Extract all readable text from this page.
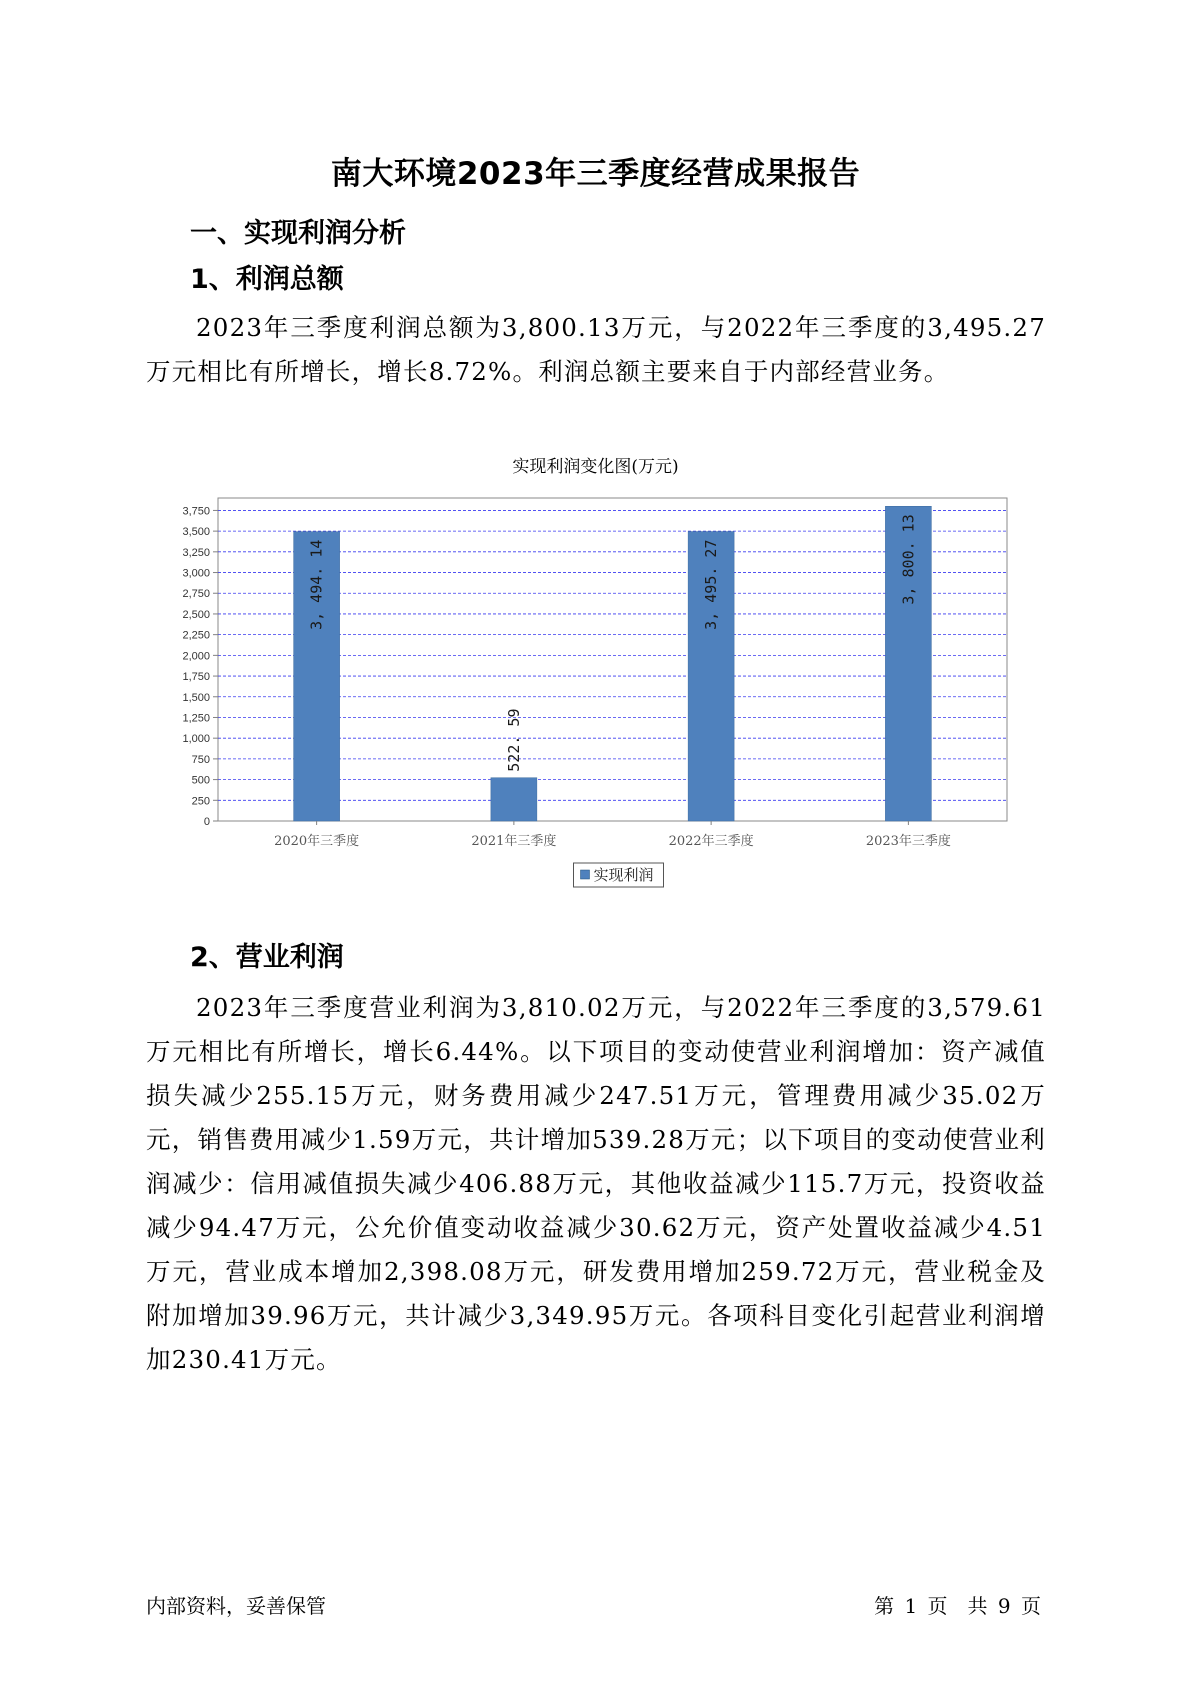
南大环境2023年三季度经营成果报告
一、实现利润分析
1、利润总额
2023年三季度利润总额为3,800.13万元，与2022年三季度的3,495.27万元相比有所增长，增长8.72%。利润总额主要来自于内部经营业务。
实现利润变化图(万元)
0
250
500
750
1,000
1,250
1,500
1,750
2,000
2,250
2,500
2,750
3,000
3,250
3,500
3,750
3, 494. 14
2020年三季度
522. 59
2021年三季度
3, 495. 27
2022年三季度
3, 800. 13
2023年三季度
实现利润
2、营业利润
2023年三季度营业利润为3,810.02万元，与2022年三季度的3,579.61万元相比有所增长，增长6.44%。以下项目的变动使营业利润增加：资产减值损失减少255.15万元，财务费用减少247.51万元，管理费用减少35.02万元，销售费用减少1.59万元，共计增加539.28万元；以下项目的变动使营业利润减少：信用减值损失减少406.88万元，其他收益减少115.7万元，投资收益减少94.47万元，公允价值变动收益减少30.62万元，资产处置收益减少4.51万元，营业成本增加2,398.08万元，研发费用增加259.72万元，营业税金及附加增加39.96万元，共计减少3,349.95万元。各项科目变化引起营业利润增加230.41万元。
内部资料，妥善保管	第 1 页　共 9 页
